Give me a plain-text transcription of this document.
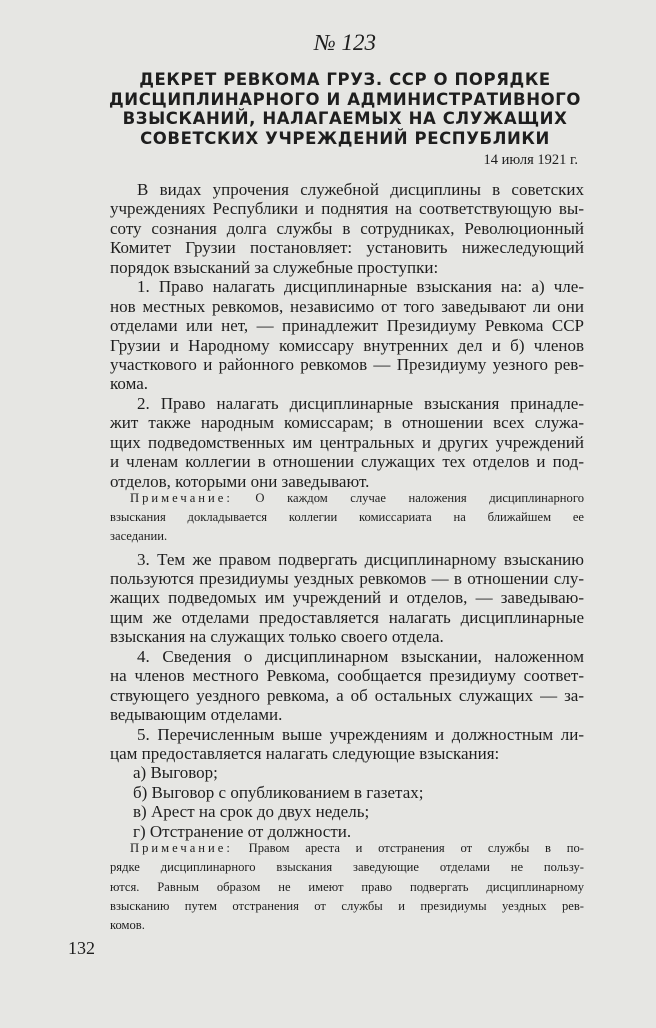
№ 123
ДЕКРЕТ РЕВКОМА ГРУЗ. ССР О ПОРЯДКЕ
ДИСЦИПЛИНАРНОГО И АДМИНИСТРАТИВНОГО
ВЗЫСКАНИЙ, НАЛАГАЕМЫХ НА СЛУЖАЩИХ
СОВЕТСКИХ УЧРЕЖДЕНИЙ РЕСПУБЛИКИ
14 июля 1921 г.
В видах упрочения служебной дисциплины в советских
учреждениях Республики и поднятия на соответствующую вы-
соту сознания долга службы в сотрудниках, Революционный
Комитет Грузии постановляет: установить нижеследующий
порядок взысканий за служебные проступки:
1. Право налагать дисциплинарные взыскания на: а) чле-
нов местных ревкомов, независимо от того заведывают ли они
отделами или нет, — принадлежит Президиуму Ревкома ССР
Грузии и Народному комиссару внутренних дел и б) членов
участкового и районного ревкомов — Президиуму уезного рев-
кома.
2. Право налагать дисциплинарные взыскания принадле-
жит также народным комиссарам; в отношении всех служа-
щих подведомственных им центральных и других учреждений
и членам коллегии в отношении служащих тех отделов и под-
отделов, которыми они заведывают.
Примечание: О каждом случае наложения дисциплинарного
взыскания докладывается коллегии комиссариата на ближайшем ее
заседании.
3. Тем же правом подвергать дисциплинарному взысканию
пользуются президиумы уездных ревкомов — в отношении слу-
жащих подведомых им учреждений и отделов, — заведываю-
щим же отделами предоставляется налагать дисциплинарные
взыскания на служащих только своего отдела.
4. Сведения о дисциплинарном взыскании, наложенном
на членов местного Ревкома, сообщается президиуму соответ-
ствующего уездного ревкома, а об остальных служащих — за-
ведывающим отделами.
5. Перечисленным выше учреждениям и должностным ли-
цам предоставляется налагать следующие взыскания:
а) Выговор;
б) Выговор с опубликованием в газетах;
в) Арест на срок до двух недель;
г) Отстранение от должности.
Примечание: Правом ареста и отстранения от службы в по-
рядке дисциплинарного взыскания заведующие отделами не пользу-
ются. Равным образом не имеют право подвергать дисциплинарному
взысканию путем отстранения от службы и президиумы уездных рев-
комов.
132
